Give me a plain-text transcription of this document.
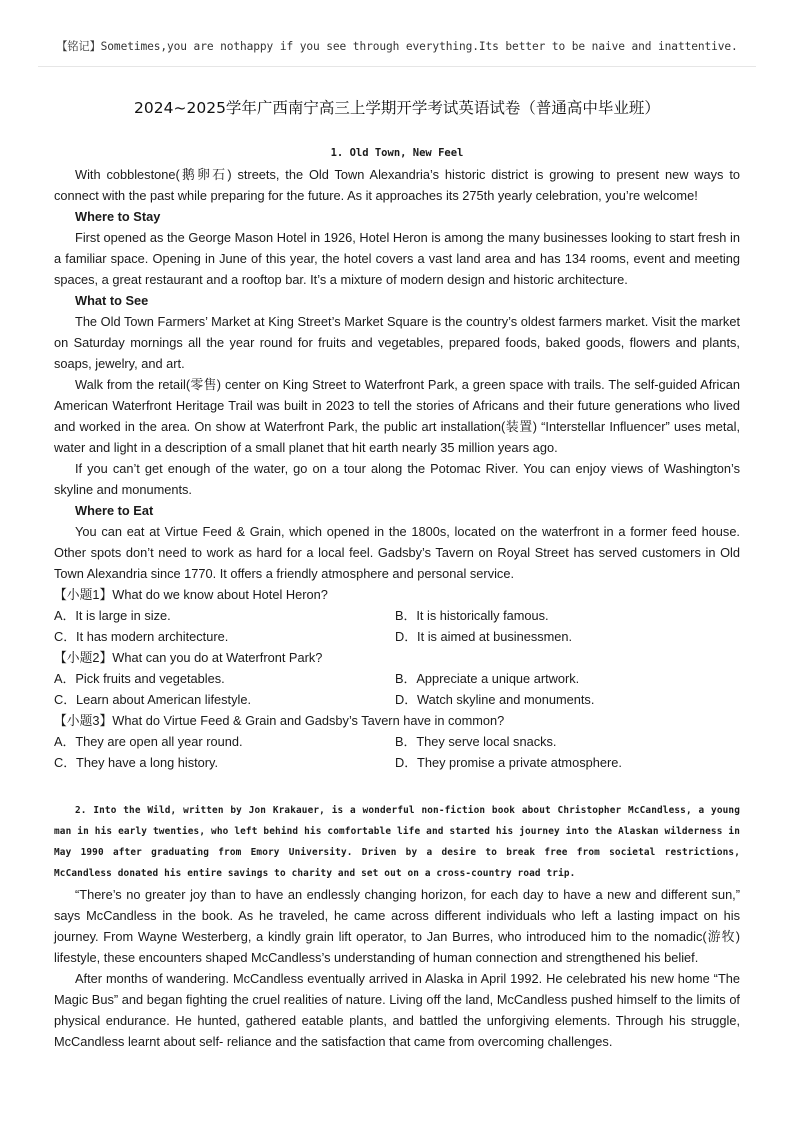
【铭记】Sometimes,you are nothappy if you see through everything.Its better to be naive and inattentive.
2024~2025学年广西南宁高三上学期开学考试英语试卷（普通高中毕业班）
1. Old Town, New Feel

With cobblestone(鹅卵石) streets, the Old Town Alexandria’s historic district is growing to present new ways to connect with the past while preparing for the future. As it approaches its 275th yearly celebration, you’re welcome!

Where to Stay

First opened as the George Mason Hotel in 1926, Hotel Heron is among the many businesses looking to start fresh in a familiar space. Opening in June of this year, the hotel covers a vast land area and has 134 rooms, event and meeting spaces, a great restaurant and a rooftop bar. It’s a mixture of modern design and historic architecture.

What to See

The Old Town Farmers’ Market at King Street’s Market Square is the country’s oldest farmers market. Visit the market on Saturday mornings all the year round for fruits and vegetables, prepared foods, baked goods, flowers and plants, soaps, jewelry, and art.

Walk from the retail(零售) center on King Street to Waterfront Park, a green space with trails. The self-guided African American Waterfront Heritage Trail was built in 2023 to tell the stories of Africans and their future generations who lived and worked in the area. On show at Waterfront Park, the public art installation(装置) “Interstellar Influencer” uses metal, water and light in a description of a small planet that hit earth nearly 35 million years ago.

If you can’t get enough of the water, go on a tour along the Potomac River. You can enjoy views of Washington’s skyline and monuments.

Where to Eat

You can eat at Virtue Feed & Grain, which opened in the 1800s, located on the waterfront in a former feed house. Other spots don’t need to work as hard for a local feel. Gadsby’s Tavern on Royal Street has served customers in Old Town Alexandria since 1770. It offers a friendly atmosphere and personal service.

【小题1】What do we know about Hotel Heron?

A．It is large in size.	B．It is historically famous.
C．It has modern architecture.	D．It is aimed at businessmen.

【小题2】What can you do at Waterfront Park?

A．Pick fruits and vegetables.	B．Appreciate a unique artwork.
C．Learn about American lifestyle.	D．Watch skyline and monuments.

【小题3】What do Virtue Feed & Grain and Gadsby’s Tavern have in common?

A．They are open all year round.	B．They serve local snacks.
C．They have a long history.	D．They promise a private atmosphere.

2. Into the Wild, written by Jon Krakauer, is a wonderful non-fiction book about Christopher McCandless, a young man in his early twenties, who left behind his comfortable life and started his journey into the Alaskan wilderness in May 1990 after graduating from Emory University. Driven by a desire to break free from societal restrictions, McCandless donated his entire savings to charity and set out on a cross-country road trip.

“There’s no greater joy than to have an endlessly changing horizon, for each day to have a new and different sun,” says McCandless in the book. As he traveled, he came across different individuals who left a lasting impact on his journey. From Wayne Westerberg, a kindly grain lift operator, to Jan Burres, who introduced him to the nomadic(游牧) lifestyle, these encounters shaped McCandless’s understanding of human connection and strengthened his belief.

After months of wandering. McCandless eventually arrived in Alaska in April 1992. He celebrated his new home “The Magic Bus” and began fighting the cruel realities of nature. Living off the land, McCandless pushed himself to the limits of physical endurance. He hunted, gathered eatable plants, and battled the unforgiving elements. Through his struggle, McCandless learnt about self- reliance and the satisfaction that came from overcoming challenges.
